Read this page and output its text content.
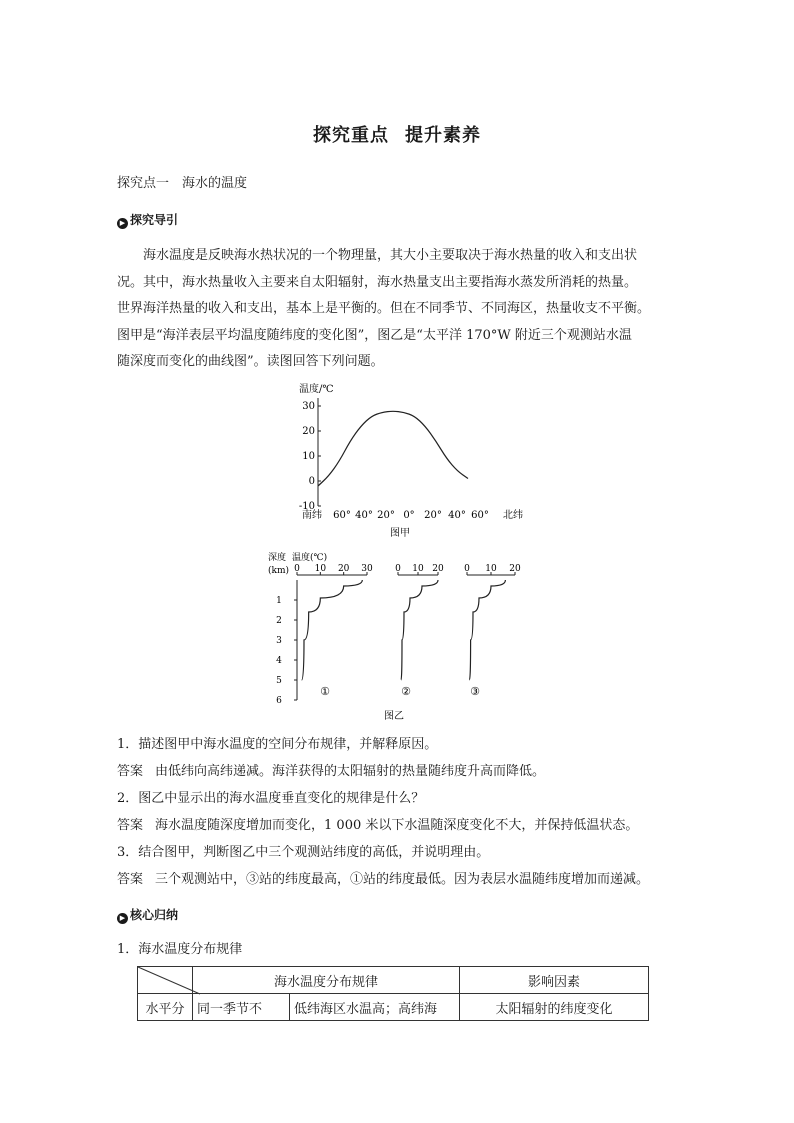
探究重点 提升素养
探究点一　海水的温度
▶ 探究导引
海水温度是反映海水热状况的一个物理量，其大小主要取决于海水热量的收入和支出状
况。其中，海水热量收入主要来自太阳辐射，海水热量支出主要指海水蒸发所消耗的热量。
世界海洋热量的收入和支出，基本上是平衡的。但在不同季节、不同海区，热量收支不平衡。
图甲是“海洋表层平均温度随纬度的变化图”，图乙是“太平洋 170°W 附近三个观测站水温
随深度而变化的曲线图”。读图回答下列问题。
温度/℃
30
20
10
0
-10
南纬 60° 40° 20° 0° 20° 40° 60° 北纬
图甲
深度 温度(℃)
(km)
1
2
3
4
5
6
0 10 20 30
①
0 10 20
②
0 10 20
③
图乙
1．描述图甲中海水温度的空间分布规律，并解释原因。
答案 由低纬向高纬递减。海洋获得的太阳辐射的热量随纬度升高而降低。
2．图乙中显示出的海水温度垂直变化的规律是什么？
答案 海水温度随深度增加而变化，1 000 米以下水温随深度变化不大，并保持低温状态。
3．结合图甲，判断图乙中三个观测站纬度的高低，并说明理由。
答案 三个观测站中，③站的纬度最高，①站的纬度最低。因为表层水温随纬度增加而递减。
▶ 核心归纳
1．海水温度分布规律
	海水温度分布规律		影响因素
水平分	同一季节不	低纬海区水温高；高纬海	太阳辐射的纬度变化
